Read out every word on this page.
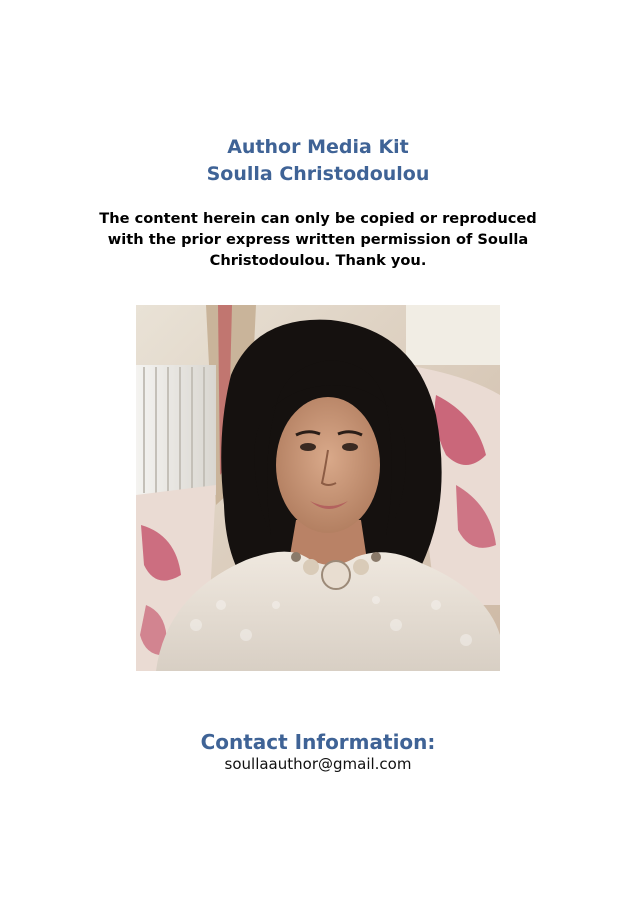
Author Media Kit
Soulla Christodoulou
The content herein can only be copied or reproduced with the prior express written permission of Soulla Christodoulou. Thank you.
Contact Information:
soullaauthor@gmail.com
